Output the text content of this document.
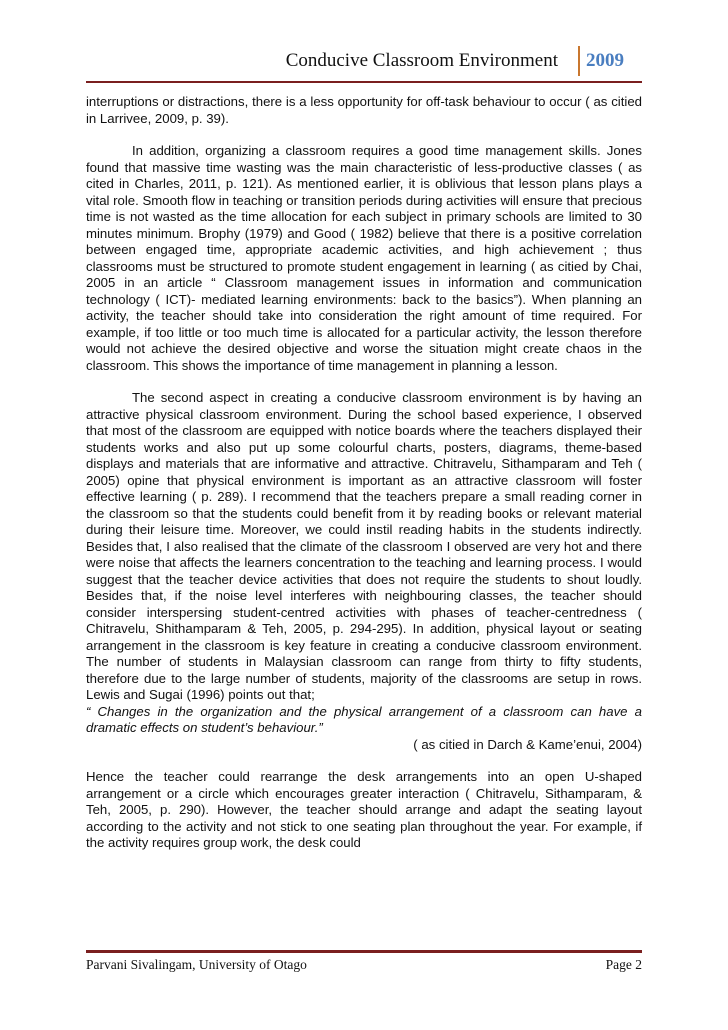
Conducive Classroom Environment 2009

interruptions or distractions, there is a less opportunity for off-task behaviour to occur ( as citied in Larrivee, 2009, p. 39).

In addition, organizing a classroom requires a good time management skills. Jones found that massive time wasting was the main characteristic of less-productive classes ( as cited in Charles, 2011, p. 121). As mentioned earlier, it is oblivious that lesson plans plays a vital role. Smooth flow in teaching or transition periods during activities will ensure that precious time is not wasted as the time allocation for each subject in primary schools are limited to 30 minutes minimum. Brophy (1979) and Good ( 1982) believe that there is a positive correlation between engaged time, appropriate academic activities, and high achievement ; thus classrooms must be structured to promote student engagement in learning ( as citied by Chai, 2005 in an article “ Classroom management issues in information and communication technology ( ICT)- mediated learning environments: back to the basics”). When planning an activity, the teacher should take into consideration the right amount of time required. For example, if too little or too much time is allocated for a particular activity, the lesson therefore would not achieve the desired objective and worse the situation might create chaos in the classroom. This shows the importance of time management in planning a lesson.

The second aspect in creating a conducive classroom environment is by having an attractive physical classroom environment. During the school based experience, I observed that most of the classroom are equipped with notice boards where the teachers displayed their students works and also put up some colourful charts, posters, diagrams, theme-based displays and materials that are informative and attractive. Chitravelu, Sithamparam and Teh ( 2005) opine that physical environment is important as an attractive classroom will foster effective learning ( p. 289). I recommend that the teachers prepare a small reading corner in the classroom so that the students could benefit from it by reading books or relevant material during their leisure time. Moreover, we could instil reading habits in the students indirectly. Besides that, I also realised that the climate of the classroom I observed are very hot and there were noise that affects the learners concentration to the teaching and learning process. I would suggest that the teacher device activities that does not require the students to shout loudly. Besides that, if the noise level interferes with neighbouring classes, the teacher should consider interspersing student-centred activities with phases of teacher-centredness ( Chitravelu, Shithamparam & Teh, 2005, p. 294-295). In addition, physical layout or seating arrangement in the classroom is key feature in creating a conducive classroom environment. The number of students in Malaysian classroom can range from thirty to fifty students, therefore due to the large number of students, majority of the classrooms are setup in rows. Lewis and Sugai (1996) points out that;

“ Changes in the organization and the physical arrangement of a classroom can have a dramatic effects on student’s behaviour.”

( as citied in Darch & Kame’enui, 2004)

Hence the teacher could rearrange the desk arrangements into an open U-shaped arrangement or a circle which encourages greater interaction ( Chitravelu, Sithamparam, & Teh, 2005, p. 290). However, the teacher should arrange and adapt the seating layout according to the activity and not stick to one seating plan throughout the year. For example, if the activity requires group work, the desk could

Parvani Sivalingam, University of Otago	Page 2
